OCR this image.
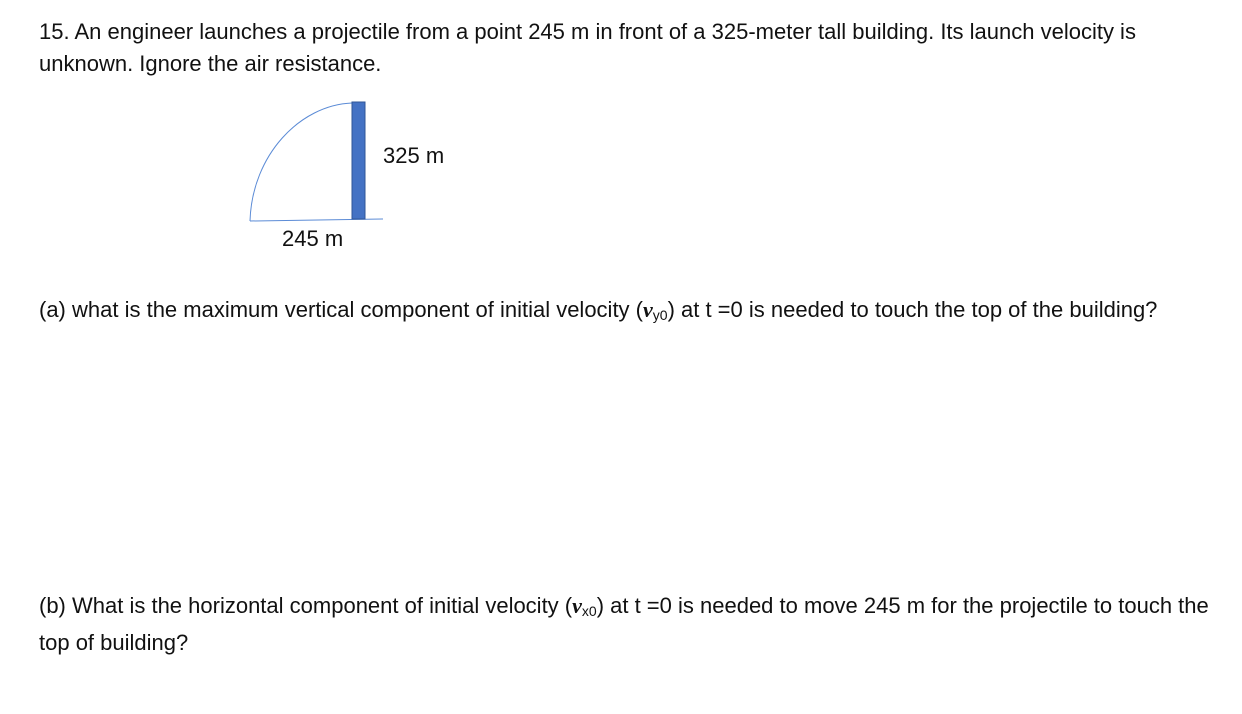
15. An engineer launches a projectile from a point 245 m in front of a 325-meter tall building. Its launch velocity is unknown. Ignore the air resistance.

325 m
245 m

(a) what is the maximum vertical component of initial velocity $(v_{y0})$ at t =0 is needed to touch the top of the building?

(b) What is the horizontal component of initial velocity $(v_{x0})$ at t =0 is needed to move 245 m for the projectile to touch the top of building?
